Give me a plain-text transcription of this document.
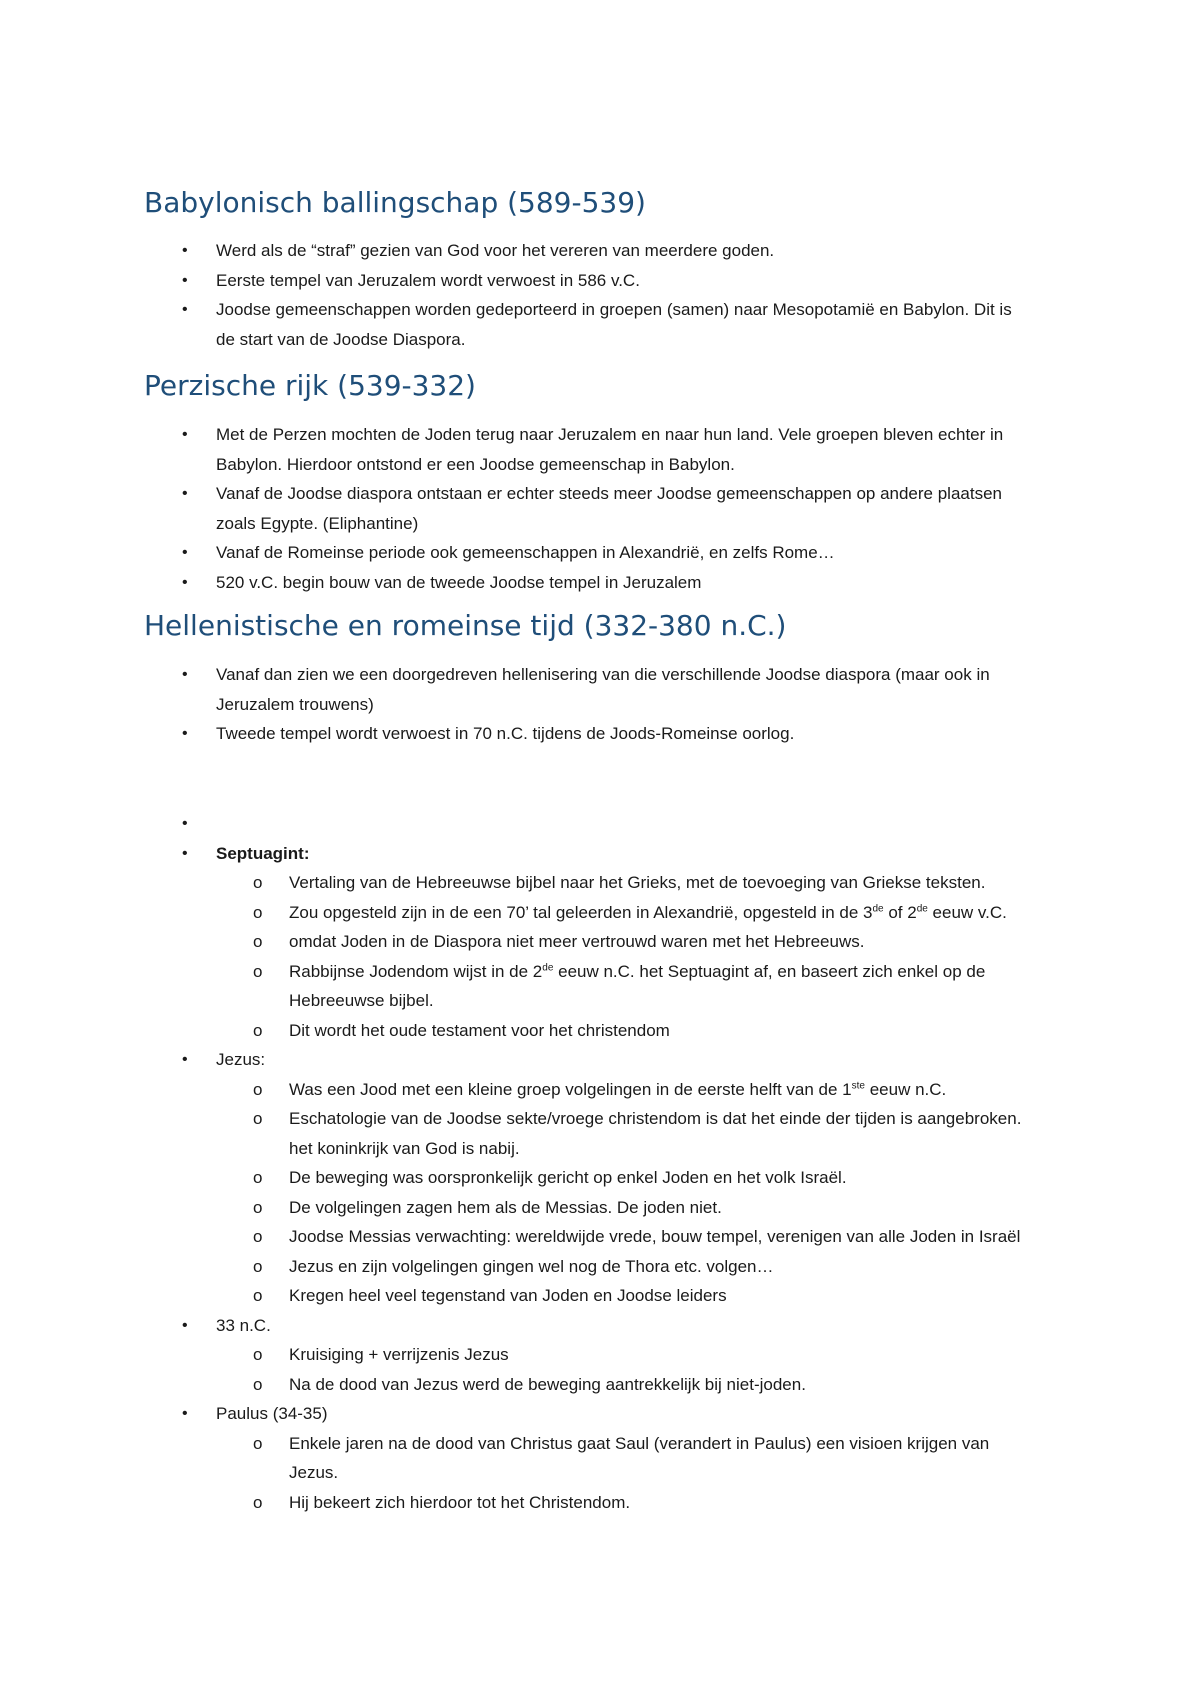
Babylonisch ballingschap (589-539)
• Werd als de “straf” gezien van God voor het vereren van meerdere goden.
• Eerste tempel van Jeruzalem wordt verwoest in 586 v.C.
• Joodse gemeenschappen worden gedeporteerd in groepen (samen) naar Mesopotamië en Babylon. Dit is
de start van de Joodse Diaspora.
Perzische rijk (539-332)
• Met de Perzen mochten de Joden terug naar Jeruzalem en naar hun land. Vele groepen bleven echter in
Babylon. Hierdoor ontstond er een Joodse gemeenschap in Babylon.
• Vanaf de Joodse diaspora ontstaan er echter steeds meer Joodse gemeenschappen op andere plaatsen
zoals Egypte. (Eliphantine)
• Vanaf de Romeinse periode ook gemeenschappen in Alexandrië, en zelfs Rome…
• 520 v.C. begin bouw van de tweede Joodse tempel in Jeruzalem
Hellenistische en romeinse tijd (332-380 n.C.)
• Vanaf dan zien we een doorgedreven hellenisering van die verschillende Joodse diaspora (maar ook in
Jeruzalem trouwens)
• Tweede tempel wordt verwoest in 70 n.C. tijdens de Joods-Romeinse oorlog.
•

• Septuagint:
o Vertaling van de Hebreeuwse bijbel naar het Grieks, met de toevoeging van Griekse teksten.
o Zou opgesteld zijn in de een 70’ tal geleerden in Alexandrië, opgesteld in de 3de of 2de eeuw v.C.
o omdat Joden in de Diaspora niet meer vertrouwd waren met het Hebreeuws.
o Rabbijnse Jodendom wijst in de 2de eeuw n.C. het Septuagint af, en baseert zich enkel op de
Hebreeuwse bijbel.
o Dit wordt het oude testament voor het christendom
• Jezus:
o Was een Jood met een kleine groep volgelingen in de eerste helft van de 1ste eeuw n.C.
o Eschatologie van de Joodse sekte/vroege christendom is dat het einde der tijden is aangebroken.
het koninkrijk van God is nabij.
o De beweging was oorspronkelijk gericht op enkel Joden en het volk Israël.
o De volgelingen zagen hem als de Messias. De joden niet.
o Joodse Messias verwachting: wereldwijde vrede, bouw tempel, verenigen van alle Joden in Israël
o Jezus en zijn volgelingen gingen wel nog de Thora etc. volgen…
o Kregen heel veel tegenstand van Joden en Joodse leiders
• 33 n.C.
o Kruisiging + verrijzenis Jezus
o Na de dood van Jezus werd de beweging aantrekkelijk bij niet-joden.
• Paulus (34-35)
o Enkele jaren na de dood van Christus gaat Saul (verandert in Paulus) een visioen krijgen van
Jezus.
o Hij bekeert zich hierdoor tot het Christendom.
